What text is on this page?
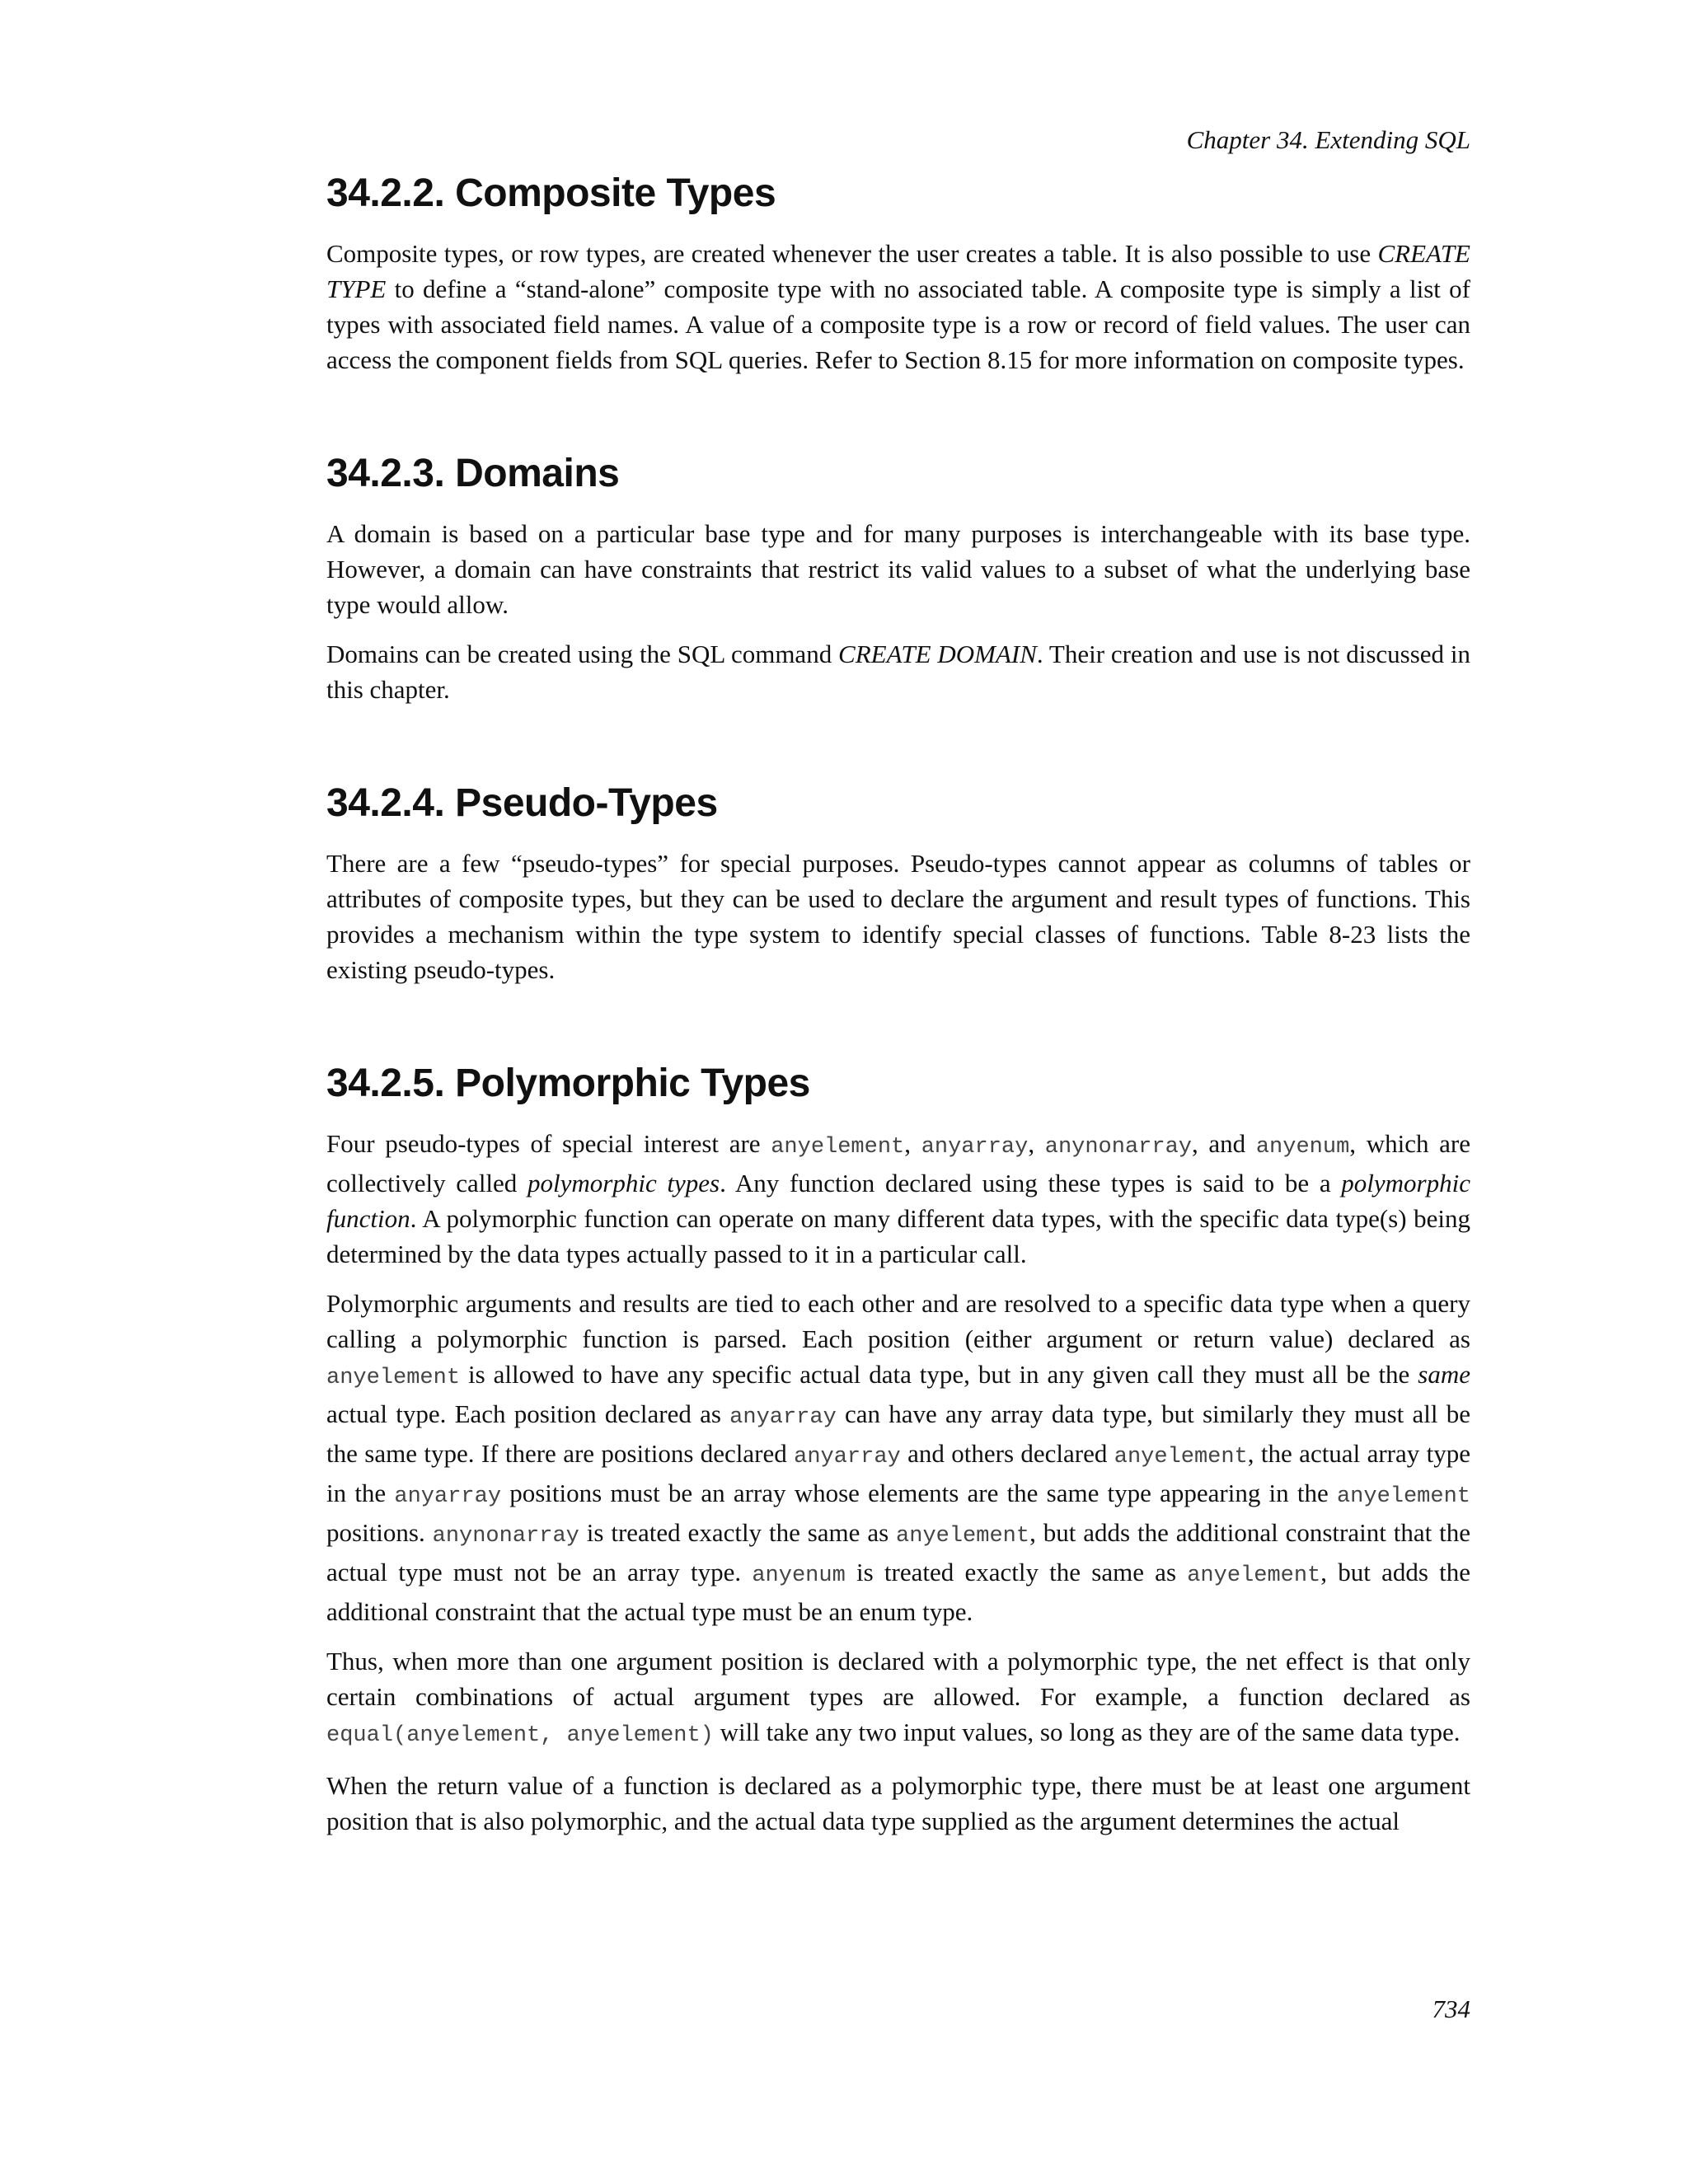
Chapter 34. Extending SQL
34.2.2. Composite Types

Composite types, or row types, are created whenever the user creates a table. It is also possible to use CREATE TYPE to define a “stand-alone” composite type with no associated table. A composite type is simply a list of types with associated field names. A value of a composite type is a row or record of field values. The user can access the component fields from SQL queries. Refer to Section 8.15 for more information on composite types.

34.2.3. Domains

A domain is based on a particular base type and for many purposes is interchangeable with its base type. However, a domain can have constraints that restrict its valid values to a subset of what the underlying base type would allow.

Domains can be created using the SQL command CREATE DOMAIN. Their creation and use is not discussed in this chapter.

34.2.4. Pseudo-Types

There are a few “pseudo-types” for special purposes. Pseudo-types cannot appear as columns of tables or attributes of composite types, but they can be used to declare the argument and result types of functions. This provides a mechanism within the type system to identify special classes of functions. Table 8-23 lists the existing pseudo-types.

34.2.5. Polymorphic Types

Four pseudo-types of special interest are anyelement, anyarray, anynonarray, and anyenum, which are collectively called polymorphic types. Any function declared using these types is said to be a polymorphic function. A polymorphic function can operate on many different data types, with the specific data type(s) being determined by the data types actually passed to it in a particular call.

Polymorphic arguments and results are tied to each other and are resolved to a specific data type when a query calling a polymorphic function is parsed. Each position (either argument or return value) declared as anyelement is allowed to have any specific actual data type, but in any given call they must all be the same actual type. Each position declared as anyarray can have any array data type, but similarly they must all be the same type. If there are positions declared anyarray and others declared anyelement, the actual array type in the anyarray positions must be an array whose elements are the same type appearing in the anyelement positions. anynonarray is treated exactly the same as anyelement, but adds the additional constraint that the actual type must not be an array type. anyenum is treated exactly the same as anyelement, but adds the additional constraint that the actual type must be an enum type.

Thus, when more than one argument position is declared with a polymorphic type, the net effect is that only certain combinations of actual argument types are allowed. For example, a function declared as equal(anyelement, anyelement) will take any two input values, so long as they are of the same data type.

When the return value of a function is declared as a polymorphic type, there must be at least one argument position that is also polymorphic, and the actual data type supplied as the argument determines the actual

734
